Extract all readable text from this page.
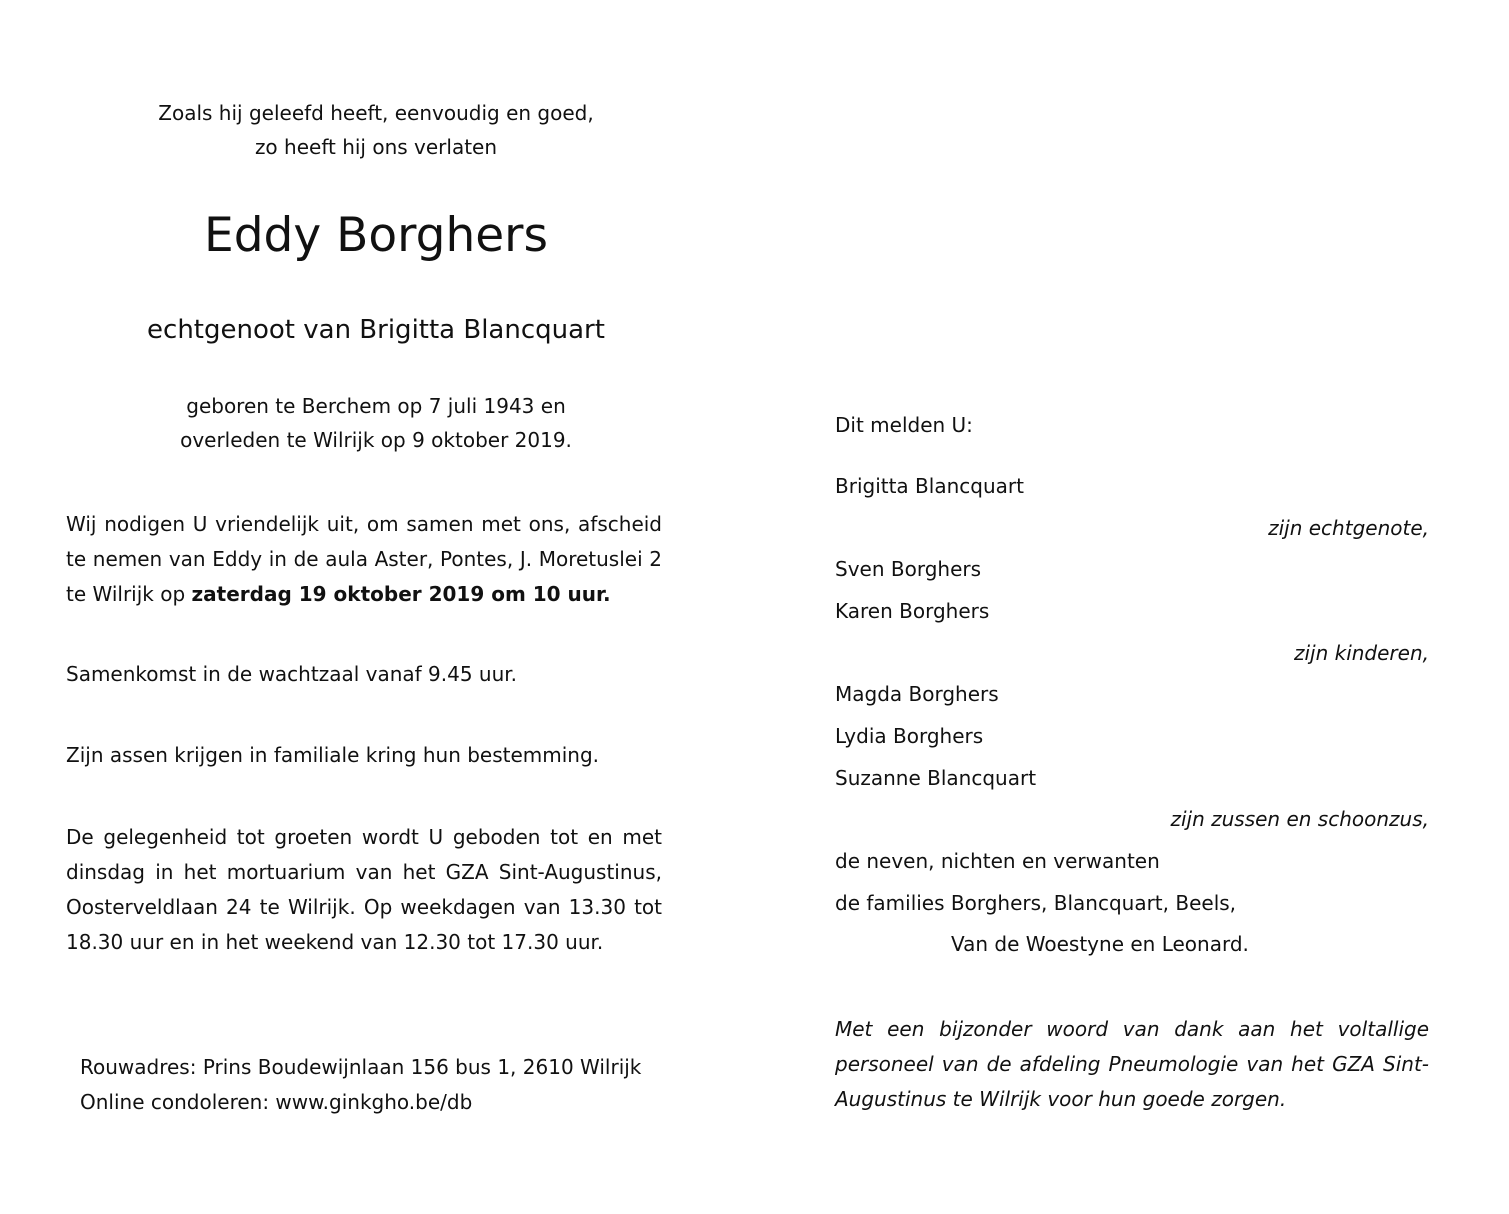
Zoals hij geleefd heeft, eenvoudig en goed,
zo heeft hij ons verlaten
Eddy Borghers
echtgenoot van Brigitta Blancquart
geboren te Berchem op 7 juli 1943 en
overleden te Wilrijk op 9 oktober 2019.
Wij nodigen U vriendelijk uit, om samen met ons, afscheid te nemen van Eddy in de aula Aster, Pontes, J. Moretuslei 2 te Wilrijk op zaterdag 19 oktober 2019 om 10 uur.
Samenkomst in de wachtzaal vanaf 9.45 uur.
Zijn assen krijgen in familiale kring hun bestemming.
De gelegenheid tot groeten wordt U geboden tot en met dinsdag in het mortuarium van het GZA Sint-Augustinus, Oosterveldlaan 24 te Wilrijk. Op weekdagen van 13.30 tot 18.30 uur en in het weekend van 12.30 tot 17.30 uur.
Rouwadres: Prins Boudewijnlaan 156 bus 1, 2610 Wilrijk
Online condoleren: www.ginkgho.be/db
Dit melden U:
Brigitta Blancquart
zijn echtgenote,
Sven Borghers
Karen Borghers
zijn kinderen,
Magda Borghers
Lydia Borghers
Suzanne Blancquart
zijn zussen en schoonzus,
de neven, nichten en verwanten
de families Borghers, Blancquart, Beels,
Van de Woestyne en Leonard.
Met een bijzonder woord van dank aan het voltallige personeel van de afdeling Pneumologie van het GZA Sint-Augustinus te Wilrijk voor hun goede zorgen.
